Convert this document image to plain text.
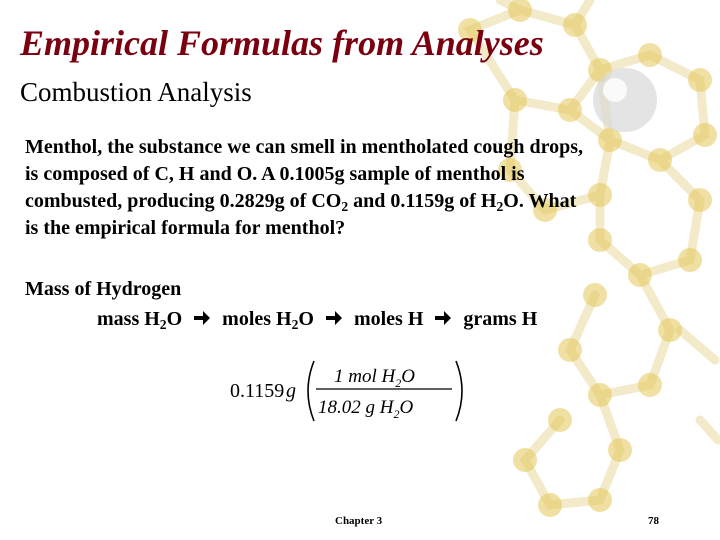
Empirical Formulas from Analyses
Combustion Analysis

Menthol, the substance we can smell in mentholated cough drops,

is composed of C, H and O. A 0.1005g sample of menthol is

combusted, producing 0.2829g of $CO_2$ and 0.1159g of $H_2O$. What

is the empirical formula for menthol?

Mass of Hydrogen
mass $H_2O$ moles $H_2O$ moles H grams H
0.1159 g
1 mol $H_2O$
18.02 g $H_2O$
Chapter 3	78
